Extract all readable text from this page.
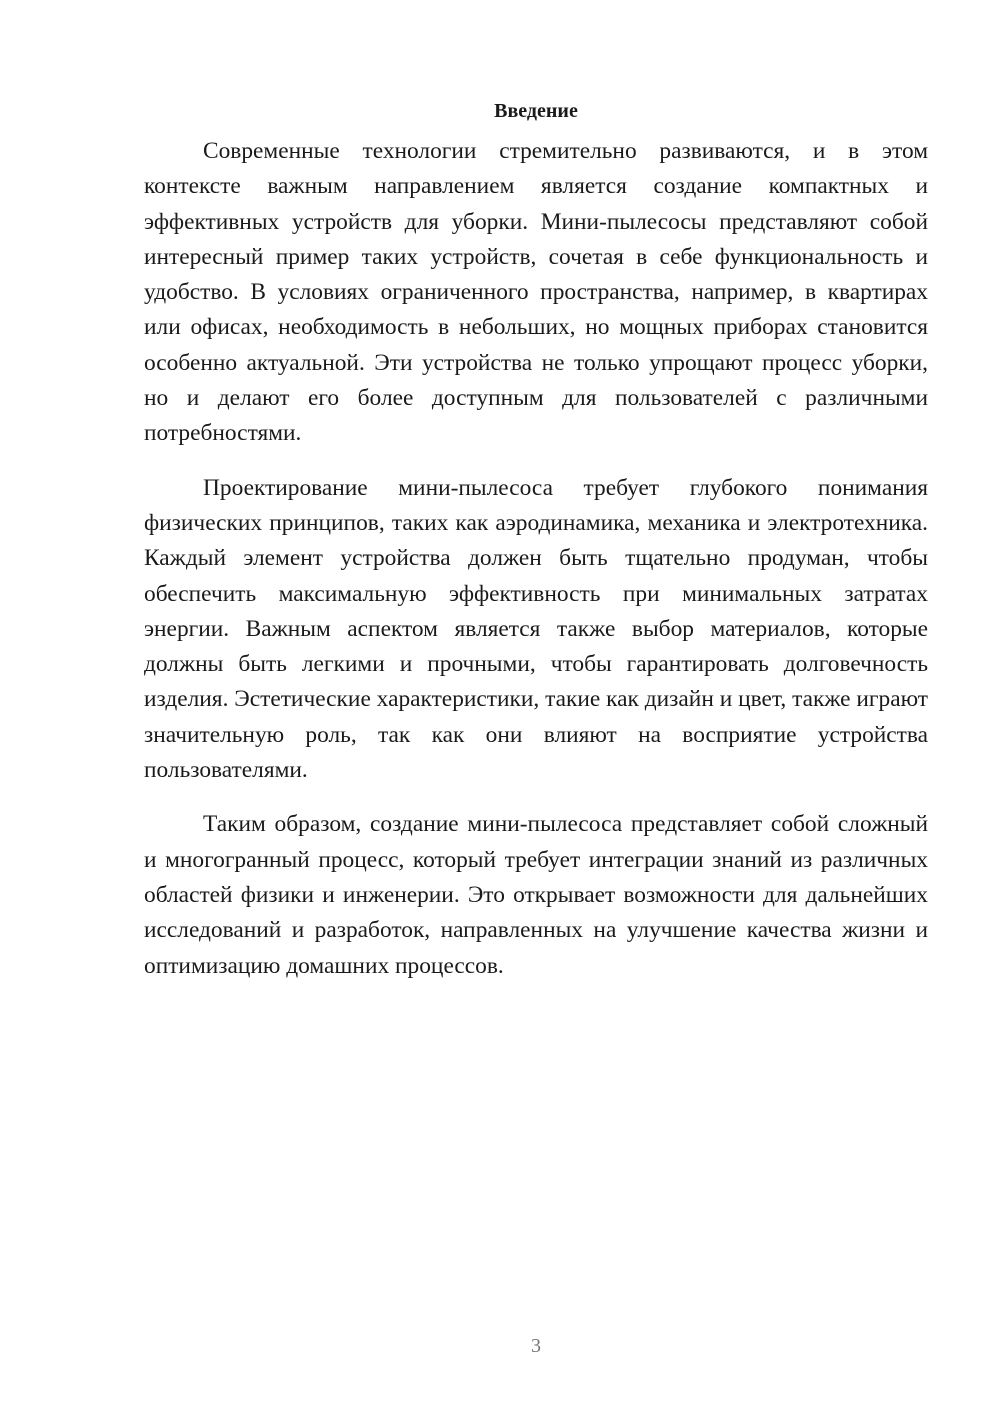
Введение

Современные технологии стремительно развиваются, и в этом контексте важным направлением является создание компактных и эффективных устройств для уборки. Мини-пылесосы представляют собой интересный пример таких устройств, сочетая в себе функциональность и удобство. В условиях ограниченного пространства, например, в квартирах или офисах, необходимость в небольших, но мощных приборах становится особенно актуальной. Эти устройства не только упрощают процесс уборки, но и делают его более доступным для пользователей с различными потребностями.

Проектирование мини-пылесоса требует глубокого понимания физических принципов, таких как аэродинамика, механика и электротехника. Каждый элемент устройства должен быть тщательно продуман, чтобы обеспечить максимальную эффективность при минимальных затратах энергии. Важным аспектом является также выбор материалов, которые должны быть легкими и прочными, чтобы гарантировать долговечность изделия. Эстетические характеристики, такие как дизайн и цвет, также играют значительную роль, так как они влияют на восприятие устройства пользователями.

Таким образом, создание мини-пылесоса представляет собой сложный и многогранный процесс, который требует интеграции знаний из различных областей физики и инженерии. Это открывает возможности для дальнейших исследований и разработок, направленных на улучшение качества жизни и оптимизацию домашних процессов.

3
